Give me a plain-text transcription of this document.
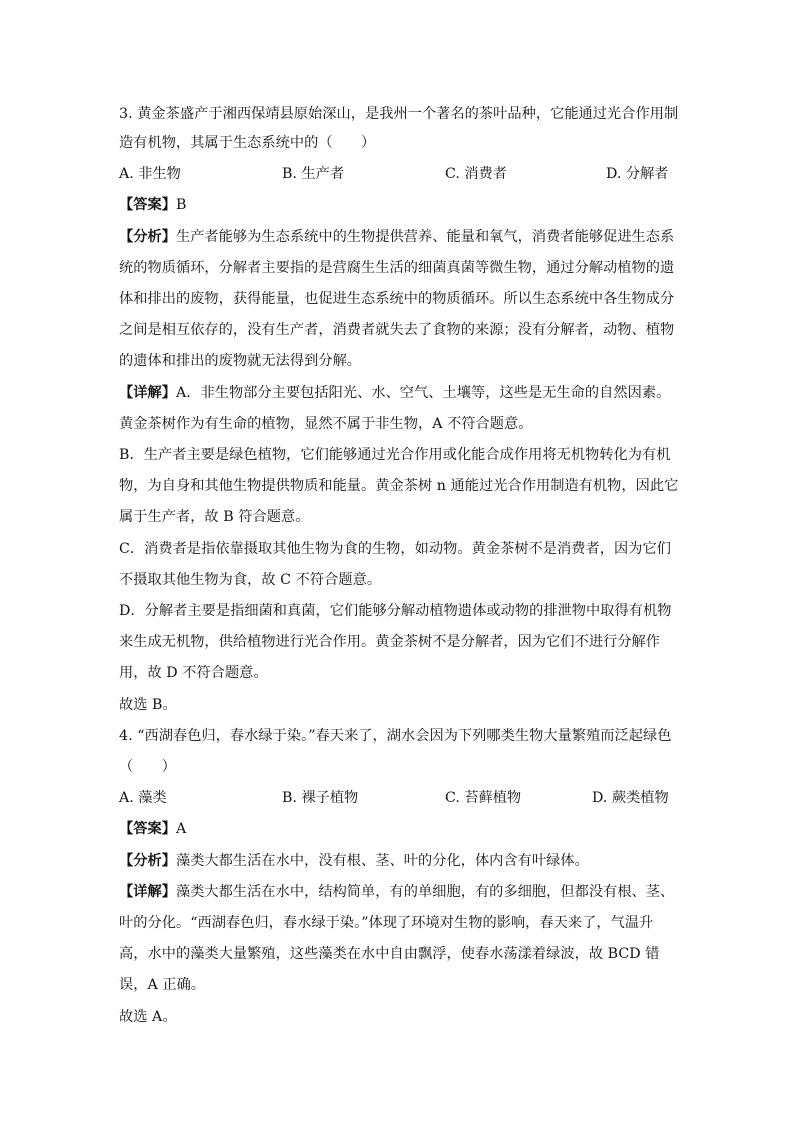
3. 黄金茶盛产于湘西保靖县原始深山，是我州一个著名的茶叶品种，它能通过光合作用制
造有机物，其属于生态系统中的（　　）
A. 非生物	B. 生产者	C. 消费者	D. 分解者
【答案】B
【分析】生产者能够为生态系统中的生物提供营养、能量和氧气，消费者能够促进生态系
统的物质循环，分解者主要指的是营腐生生活的细菌真菌等微生物，通过分解动植物的遗
体和排出的废物，获得能量，也促进生态系统中的物质循环。所以生态系统中各生物成分
之间是相互依存的，没有生产者，消费者就失去了食物的来源；没有分解者，动物、植物
的遗体和排出的废物就无法得到分解。
【详解】A．非生物部分主要包括阳光、水、空气、土壤等，这些是无生命的自然因素。
黄金茶树作为有生命的植物，显然不属于非生物，A 不符合题意。
B．生产者主要是绿色植物，它们能够通过光合作用或化能合成作用将无机物转化为有机
物，为自身和其他生物提供物质和能量。黄金茶树 n 通能过光合作用制造有机物，因此它
属于生产者，故 B 符合题意。
C．消费者是指依靠摄取其他生物为食的生物，如动物。黄金茶树不是消费者，因为它们
不摄取其他生物为食，故 C 不符合题意。
D．分解者主要是指细菌和真菌，它们能够分解动植物遗体或动物的排泄物中取得有机物
来生成无机物，供给植物进行光合作用。黄金茶树不是分解者，因为它们不进行分解作
用，故 D 不符合题意。
故选 B。
4. “西湖春色归，春水绿于染。”春天来了，湖水会因为下列哪类生物大量繁殖而泛起绿色
（　　）
A. 藻类	B. 裸子植物	C. 苔藓植物	D. 蕨类植物
【答案】A
【分析】藻类大都生活在水中，没有根、茎、叶的分化，体内含有叶绿体。
【详解】藻类大都生活在水中，结构简单，有的单细胞，有的多细胞，但都没有根、茎、
叶的分化。“西湖春色归，春水绿于染。”体现了环境对生物的影响，春天来了，气温升
高，水中的藻类大量繁殖，这些藻类在水中自由飘浮，使春水荡漾着绿波，故 BCD 错
误，A 正确。
故选 A。
